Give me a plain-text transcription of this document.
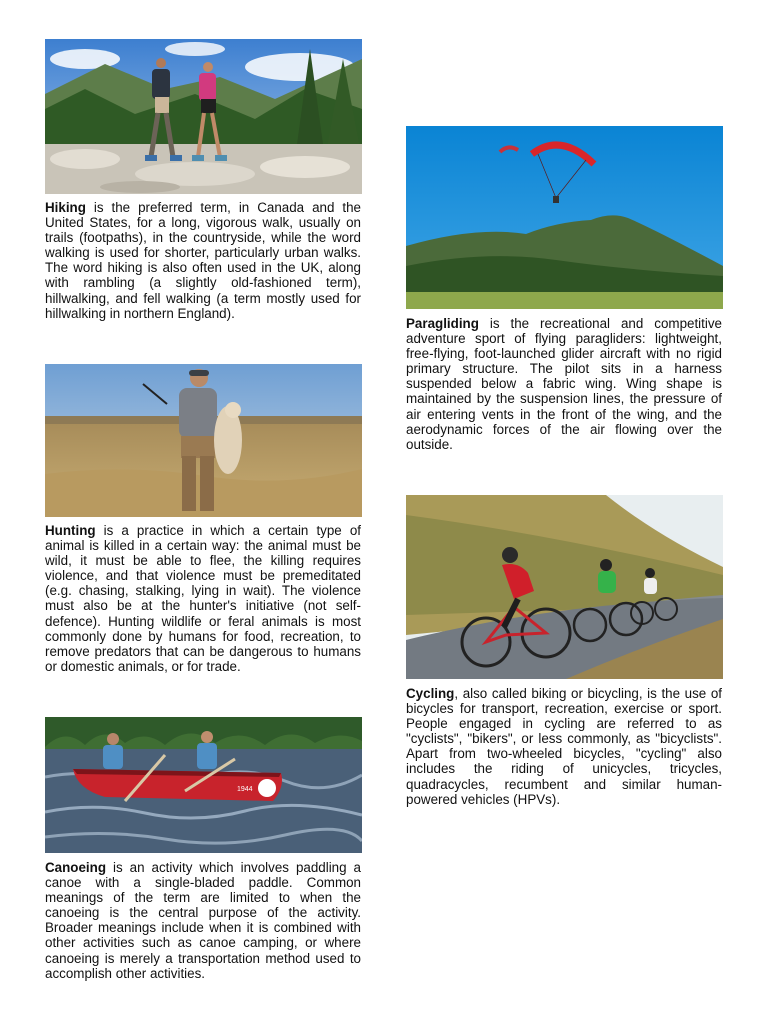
Hiking is the preferred term, in Canada and the United States, for a long, vigorous walk, usually on trails (footpaths), in the countryside, while the word walking is used for shorter, particularly urban walks. The word hiking is also often used in the UK, along with rambling (a slightly old-fashioned term), hillwalking, and fell walking (a term mostly used for hillwalking in northern England).

Hunting is a practice in which a certain type of animal is killed in a certain way: the animal must be wild, it must be able to flee, the killing requires violence, and that violence must be premeditated (e.g. chasing, stalking, lying in wait). The violence must also be at the hunter's initiative (not self-defence). Hunting wildlife or feral animals is most commonly done by humans for food, recreation, to remove predators that can be dangerous to humans or domestic animals, or for trade.

1944

Canoeing is an activity which involves paddling a canoe with a single-bladed paddle. Common meanings of the term are limited to when the canoeing is the central purpose of the activity. Broader meanings include when it is combined with other activities such as canoe camping, or where canoeing is merely a transportation method used to accomplish other activities.

Paragliding is the recreational and competitive adventure sport of flying paragliders: lightweight, free-flying, foot-launched glider aircraft with no rigid primary structure. The pilot sits in a harness suspended below a fabric wing. Wing shape is maintained by the suspension lines, the pressure of air entering vents in the front of the wing, and the aerodynamic forces of the air flowing over the outside.

Cycling, also called biking or bicycling, is the use of bicycles for transport, recreation, exercise or sport. People engaged in cycling are referred to as "cyclists", "bikers", or less commonly, as "bicyclists". Apart from two-wheeled bicycles, "cycling" also includes the riding of unicycles, tricycles, quadracycles, recumbent and similar human-powered vehicles (HPVs).
